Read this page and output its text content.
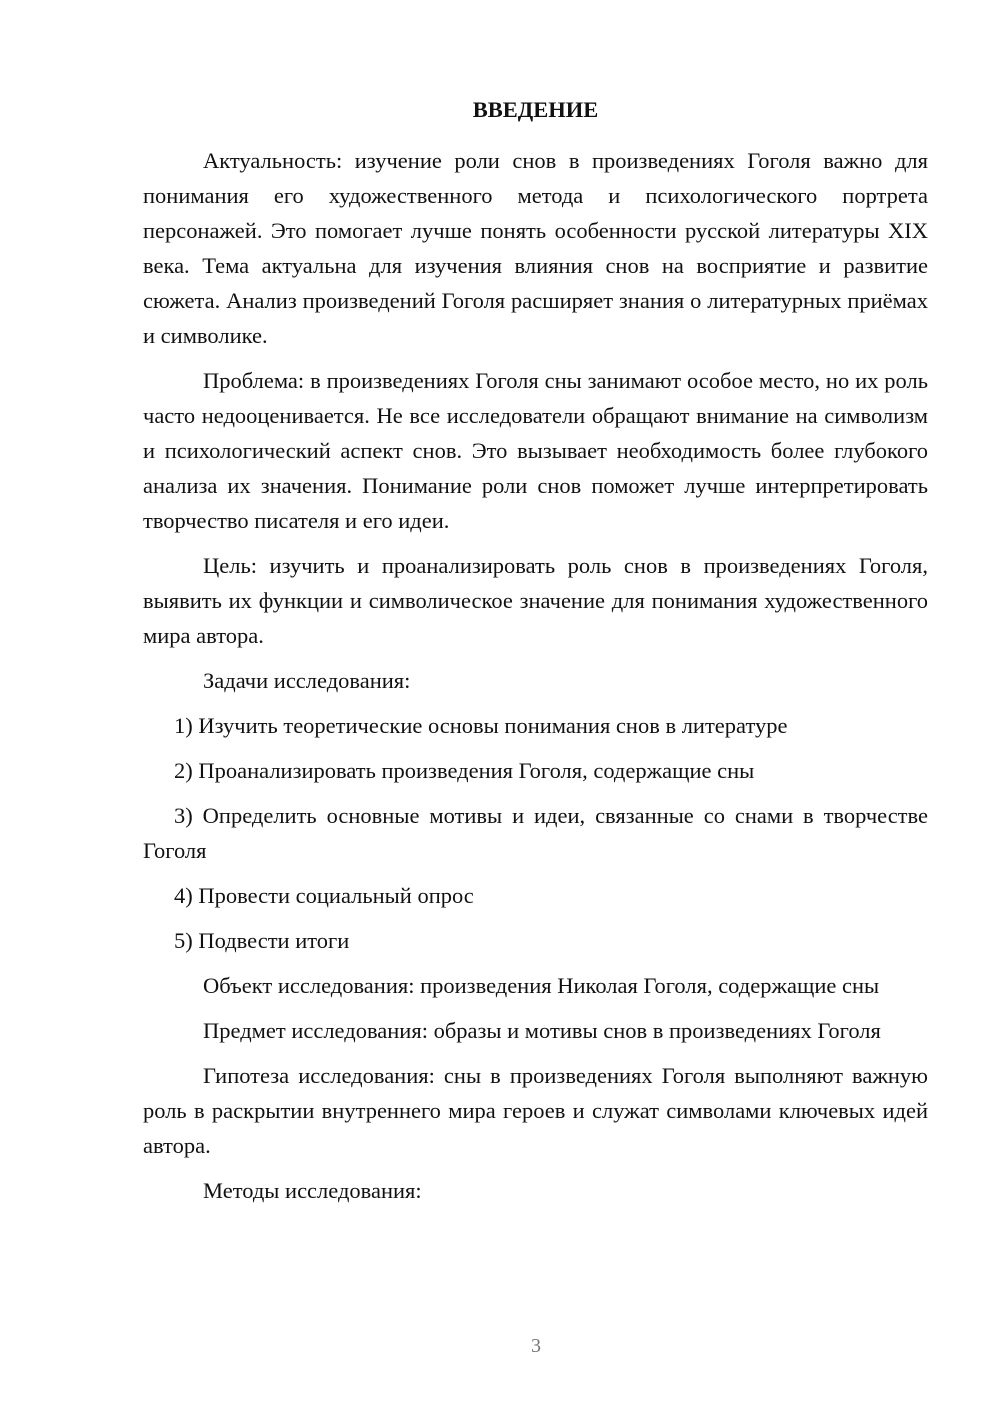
ВВЕДЕНИЕ

Актуальность: изучение роли снов в произведениях Гоголя важно для понимания его художественного метода и психологического портрета персонажей. Это помогает лучше понять особенности русской литературы XIX века. Тема актуальна для изучения влияния снов на восприятие и развитие сюжета. Анализ произведений Гоголя расширяет знания о литературных приёмах и символике.

Проблема: в произведениях Гоголя сны занимают особое место, но их роль часто недооценивается. Не все исследователи обращают внимание на символизм и психологический аспект снов. Это вызывает необходимость более глубокого анализа их значения. Понимание роли снов поможет лучше интерпретировать творчество писателя и его идеи.

Цель: изучить и проанализировать роль снов в произведениях Гоголя, выявить их функции и символическое значение для понимания художественного мира автора.

Задачи исследования:

1) Изучить теоретические основы понимания снов в литературе

2) Проанализировать произведения Гоголя, содержащие сны

3) Определить основные мотивы и идеи, связанные со снами в творчестве Гоголя

4) Провести социальный опрос

5) Подвести итоги

Объект исследования: произведения Николая Гоголя, содержащие сны

Предмет исследования: образы и мотивы снов в произведениях Гоголя

Гипотеза исследования: сны в произведениях Гоголя выполняют важную роль в раскрытии внутреннего мира героев и служат символами ключевых идей автора.

Методы исследования:

3
